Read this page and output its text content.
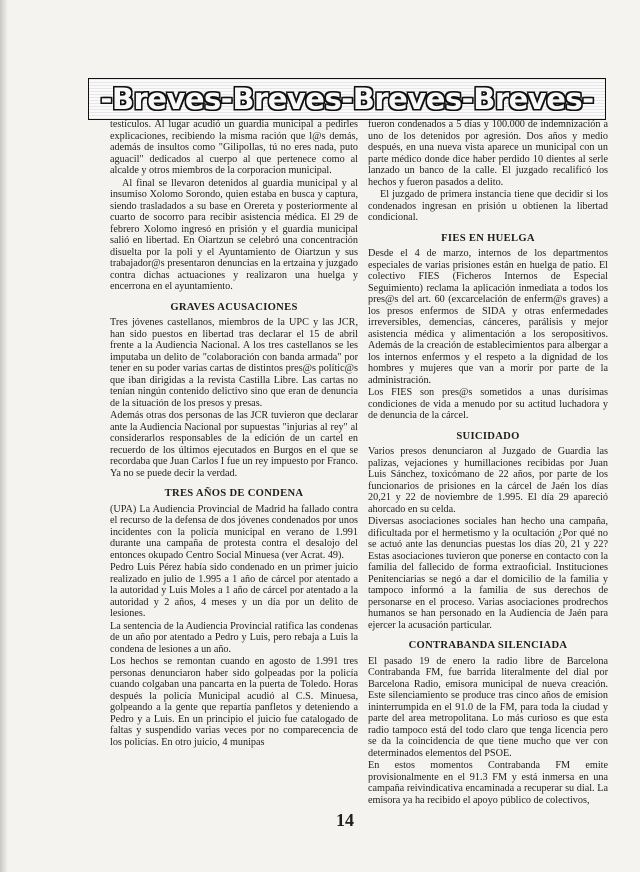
-Breves-Breves-Breves-Breves-

testículos. Al lugar acudió un guardia municipal a pedirles explicaciones, recibiendo la misma ración que l@s demás, además de insultos como "Gilipollas, tú no eres nada, puto aguacil" dedicados al cuerpo al que pertenece como al alcalde y otros miembros de la corporacion municipal.

Al final se llevaron detenidos al guardia municipal y al insumiso Xolomo Sorondo, quien estaba en busca y captura, siendo trasladados a su base en Orereta y posteriormente al cuarto de socorro para recibir asistencia médica. El 29 de febrero Xolomo ingresó en prisión y el guardia municipal salió en libertad. En Oiartzun se celebró una concentración disuelta por la poli y el Ayuntamiento de Oiartzun y sus trabajador@s presentaron denuncias en la ertzaina y juzgado contra dichas actuaciones y realizaron una huelga y encerrona en el ayuntamiento.

GRAVES ACUSACIONES

Tres jóvenes castellanos, miembros de la UPC y las JCR, han sido puestos en libertad tras declarar el 15 de abril frente a la Audiencia Nacional. A los tres castellanos se les imputaba un delito de "colaboración con banda armada" por tener en su poder varias cartas de distintos pres@s polític@s que iban dirigidas a la revista Castilla Libre. Las cartas no tenían ningún contenido delictivo sino que eran de denuncia de la situación de los presos y presas.

Además otras dos personas de las JCR tuvieron que declarar ante la Audiencia Nacional por supuestas "injurias al rey" al considerarlos responsables de la edición de un cartel en recuerdo de los últimos ejecutados en Burgos en el que se recordaba que Juan Carlos I fue un rey impuesto por Franco. Ya no se puede decir la verdad.

TRES AÑOS DE CONDENA

(UPA) La Audiencia Provincial de Madrid ha fallado contra el recurso de la defensa de dos jóvenes condenados por unos incidentes con la policía municipal en verano de 1.991 durante una campaña de protesta contra el desalojo del entonces okupado Centro Social Minuesa (ver Acrat. 49).

Pedro Luis Pérez había sido condenado en un primer juicio realizado en julio de 1.995 a 1 año de cárcel por atentado a la autoridad y Luis Moles a 1 año de cárcel por atentado a la autoridad y 2 años, 4 meses y un día por un delito de lesiones.

La sentencia de la Audiencia Provincial ratifica las condenas de un año por atentado a Pedro y Luis, pero rebaja a Luis la condena de lesiones a un año.

Los hechos se remontan cuando en agosto de 1.991 tres personas denunciaron haber sido golpeadas por la policía cuando colgaban una pancarta en la puerta de Toledo. Horas después la policía Municipal acudió al C.S. Minuesa, golpeando a la gente que repartía panfletos y deteniendo a Pedro y a Luis. En un principio el juicio fue catalogado de faltas y suspendido varias veces por no comparecencia de los policías. En otro juicio, 4 munipas

fueron condenados a 5 días y 100.000 de indemnización a uno de los detenidos por agresión. Dos años y medio después, en una nueva vista aparece un municipal con un parte médico donde dice haber perdido 10 dientes al serle lanzado un banco de la calle. El juzgado recalificó los hechos y fueron pasados a delito.

El juzgado de primera instancia tiene que decidir si los condenados ingresan en prisión u obtienen la libertad condicional.

FIES EN HUELGA

Desde el 4 de marzo, internos de los departmentos especiales de varias prisiones están en huelga de patio. El colectivo FIES (Ficheros Internos de Especial Seguimiento) reclama la aplicación inmediata a todos los pres@s del art. 60 (excarcelación de enferm@s graves) a los presos enfermos de SIDA y otras enfermedades irreversibles, demencias, cánceres, parálisis y mejor asistencia médica y alimentación a los seropositivos. Además de la creación de establecimientos para albergar a los internos enfermos y el respeto a la dignidad de los hombres y mujeres que van a morir por parte de la administración.

Los FIES son pres@s sometidos a unas durísimas condiciones de vida a menudo por su actitud luchadora y de denuncia de la cárcel.

SUICIDADO

Varios presos denunciaron al Juzgado de Guardia las palizas, vejaciones y humillaciones recibidas por Juan Luis Sánchez, toxicómano de 22 años, por parte de los funcionarios de prisiones en la cárcel de Jaén los días 20,21 y 22 de noviembre de 1.995. El día 29 apareció ahorcado en su celda.

Diversas asociaciones sociales han hecho una campaña, dificultada por el hermetismo y la ocultación ¿Por qué no se actuó ante las denuncias puestas los días 20, 21 y 22? Estas asociaciones tuvieron que ponerse en contacto con la familia del fallecido de forma extraoficial. Instituciones Penitenciarias se negó a dar el domicilio de la familia y tampoco informó a la familia de sus derechos de personarse en el proceso. Varias asociaciones prodrechos humanos se han personado en la Audiencia de Jaén para ejercer la acusación particular.

CONTRABANDA SILENCIADA

El pasado 19 de enero la radio libre de Barcelona Contrabanda FM, fue barrida literalmente del dial por Barcelona Radio, emisora municipal de nueva creación. Este silenciamiento se produce tras cinco años de emision ininterrumpida en el 91.0 de la FM, para toda la ciudad y parte del area metropolitana. Lo más curioso es que esta radio tampoco está del todo claro que tenga licencia pero se da la coincidencia de que tiene mucho que ver con determinados elementos del PSOE.

En estos momentos Contrabanda FM emite provisionalmente en el 91.3 FM y está inmersa en una campaña reivindicativa encaminada a recuperar su dial. La emisora ya ha recibido el apoyo público de colectivos,

14
